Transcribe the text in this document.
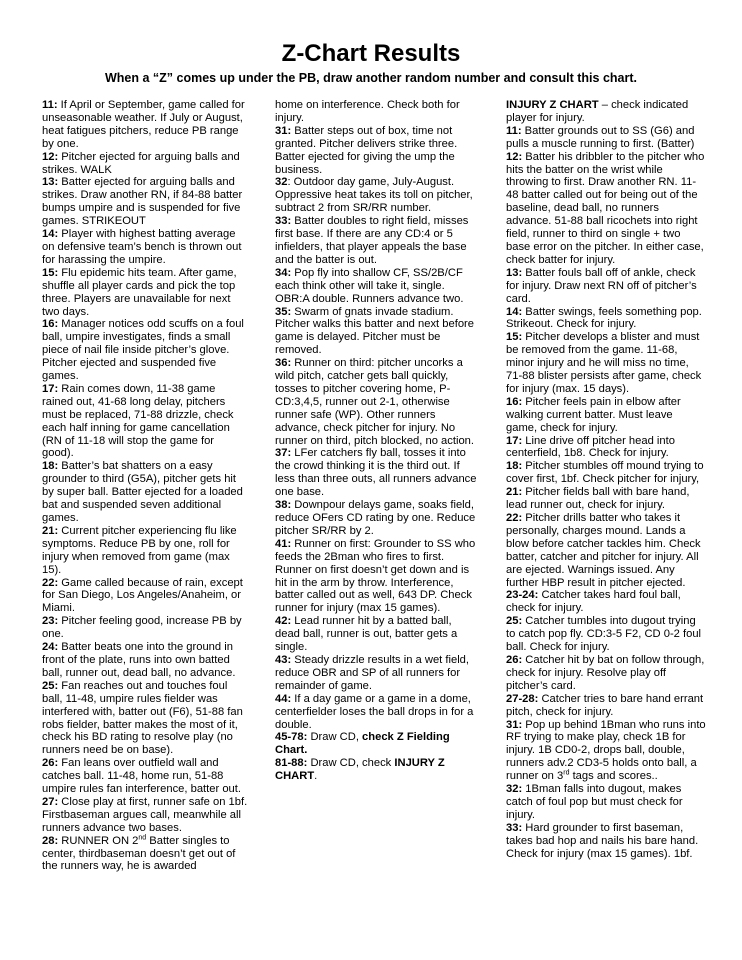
Z-Chart Results
When a “Z” comes up under the PB, draw another random number and consult this chart.

11: If April or September, game called for unseasonable weather. If July or August, heat fatigues pitchers, reduce PB range by one.

12: Pitcher ejected for arguing balls and strikes. WALK

13: Batter ejected for arguing balls and strikes. Draw another RN, if 84-88 batter bumps umpire and is suspended for five games. STRIKEOUT

14: Player with highest batting average on defensive team’s bench is thrown out for harassing the umpire.

15: Flu epidemic hits team. After game, shuffle all player cards and pick the top three. Players are unavailable for next two days.

16: Manager notices odd scuffs on a foul ball, umpire investigates, finds a small piece of nail file inside pitcher’s glove. Pitcher ejected and suspended five games.

17: Rain comes down, 11-38 game rained out, 41-68 long delay, pitchers must be replaced, 71-88 drizzle, check each half inning for game cancellation (RN of 11-18 will stop the game for good).

18: Batter’s bat shatters on a easy grounder to third (G5A), pitcher gets hit by super ball. Batter ejected for a loaded bat and suspended seven additional games.

21: Current pitcher experiencing flu like symptoms. Reduce PB by one, roll for injury when removed from game (max 15).

22: Game called because of rain, except for San Diego, Los Angeles/Anaheim, or Miami.

23: Pitcher feeling good, increase PB by one.

24: Batter beats one into the ground in front of the plate, runs into own batted ball, runner out, dead ball, no advance.

25: Fan reaches out and touches foul ball, 11-48, umpire rules fielder was interfered with, batter out (F6), 51-88 fan robs fielder, batter makes the most of it, check his BD rating to resolve play (no runners need be on base).

26: Fan leans over outfield wall and catches ball. 11-48, home run, 51-88 umpire rules fan interference, batter out.

27: Close play at first, runner safe on 1bf. Firstbaseman argues call, meanwhile all runners advance two bases.

28: RUNNER ON 2nd Batter singles to center, thirdbaseman doesn’t get out of the runners way, he is awarded

home on interference. Check both for injury.

31: Batter steps out of box, time not granted. Pitcher delivers strike three. Batter ejected for giving the ump the business.

32: Outdoor day game, July-August. Oppressive heat takes its toll on pitcher, subtract 2 from SR/RR number.

33: Batter doubles to right field, misses first base. If there are any CD:4 or 5 infielders, that player appeals the base and the batter is out.

34: Pop fly into shallow CF, SS/2B/CF each think other will take it, single. OBR:A double. Runners advance two.

35: Swarm of gnats invade stadium. Pitcher walks this batter and next before game is delayed. Pitcher must be removed.

36: Runner on third: pitcher uncorks a wild pitch, catcher gets ball quickly, tosses to pitcher covering home, P-CD:3,4,5, runner out 2-1, otherwise runner safe (WP). Other runners advance, check pitcher for injury. No runner on third, pitch blocked, no action.

37: LFer catchers fly ball, tosses it into the crowd thinking it is the third out. If less than three outs, all runners advance one base.

38: Downpour delays game, soaks field, reduce OFers CD rating by one. Reduce pitcher SR/RR by 2.

41: Runner on first: Grounder to SS who feeds the 2Bman who fires to first. Runner on first doesn’t get down and is hit in the arm by throw. Interference, batter called out as well, 643 DP. Check runner for injury (max 15 games).

42: Lead runner hit by a batted ball, dead ball, runner is out, batter gets a single.

43: Steady drizzle results in a wet field, reduce OBR and SP of all runners for remainder of game.

44: If a day game or a game in a dome, centerfielder loses the ball drops in for a double.

45-78: Draw CD, check Z Fielding Chart.

81-88: Draw CD, check INJURY Z CHART.

INJURY Z CHART – check indicated player for injury.

11: Batter grounds out to SS (G6) and pulls a muscle running to first. (Batter)

12: Batter his dribbler to the pitcher who hits the batter on the wrist while throwing to first. Draw another RN. 11-48 batter called out for being out of the baseline, dead ball, no runners advance. 51-88 ball ricochets into right field, runner to third on single + two base error on the pitcher. In either case, check batter for injury.

13: Batter fouls ball off of ankle, check for injury. Draw next RN off of pitcher’s card.

14: Batter swings, feels something pop. Strikeout. Check for injury.

15: Pitcher develops a blister and must be removed from the game. 11-68, minor injury and he will miss no time, 71-88 blister persists after game, check for injury (max. 15 days).

16: Pitcher feels pain in elbow after walking current batter. Must leave game, check for injury.

17: Line drive off pitcher head into centerfield, 1b8. Check for injury.

18: Pitcher stumbles off mound trying to cover first, 1bf. Check pitcher for injury,

21: Pitcher fields ball with bare hand, lead runner out, check for injury.

22: Pitcher drills batter who takes it personally, charges mound. Lands a blow before catcher tackles him. Check batter, catcher and pitcher for injury. All are ejected. Warnings issued. Any further HBP result in pitcher ejected.

23-24: Catcher takes hard foul ball, check for injury.

25: Catcher tumbles into dugout trying to catch pop fly. CD:3-5 F2, CD 0-2 foul ball. Check for injury.

26: Catcher hit by bat on follow through, check for injury. Resolve play off pitcher’s card.

27-28: Catcher tries to bare hand errant pitch, check for injury.

31: Pop up behind 1Bman who runs into RF trying to make play, check 1B for injury. 1B CD0-2, drops ball, double, runners adv.2 CD3-5 holds onto ball, a runner on 3rd tags and scores..

32: 1Bman falls into dugout, makes catch of foul pop but must check for injury.

33: Hard grounder to first baseman, takes bad hop and nails his bare hand. Check for injury (max 15 games). 1bf.
